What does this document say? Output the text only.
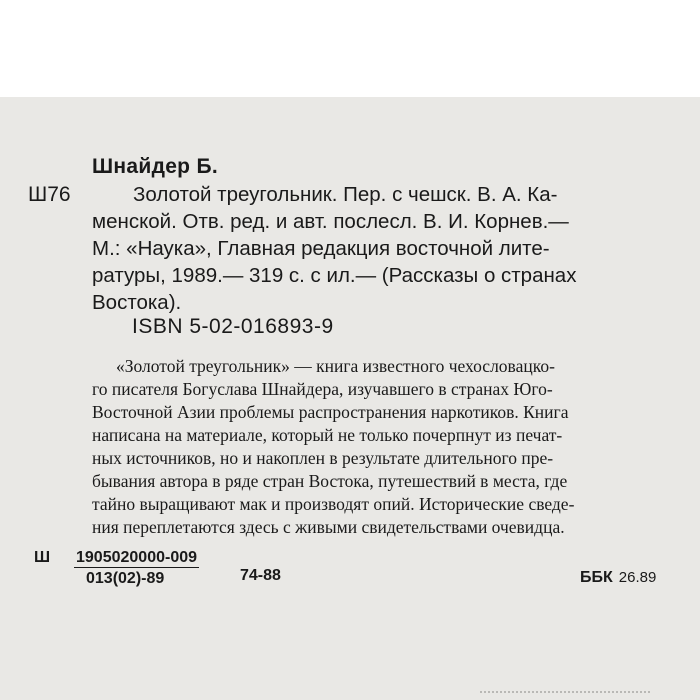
Шнайдер Б.
Ш76	Золотой треугольник. Пер. с чешск. В. А. Ка-
менской. Отв. ред. и авт. послесл. В. И. Корнев.—
М.: «Наука», Главная редакция восточной лите-
ратуры, 1989.— 319 с. с ил.— (Рассказы о странах
Востока).
ISBN 5-02-016893-9
«Золотой треугольник» — книга известного чехословацко-
го писателя Богуслава Шнайдера, изучавшего в странах Юго-
Восточной Азии проблемы распространения наркотиков. Книга
написана на материале, который не только почерпнут из печат-
ных источников, но и накоплен в результате длительного пре-
бывания автора в ряде стран Востока, путешествий в места, где
тайно выращивают мак и производят опий. Исторические сведе-
ния переплетаются здесь с живыми свидетельствами очевидца.
Ш $\frac{1905020000-009}{013(02)-89}$	74-88	ББК 26.89
